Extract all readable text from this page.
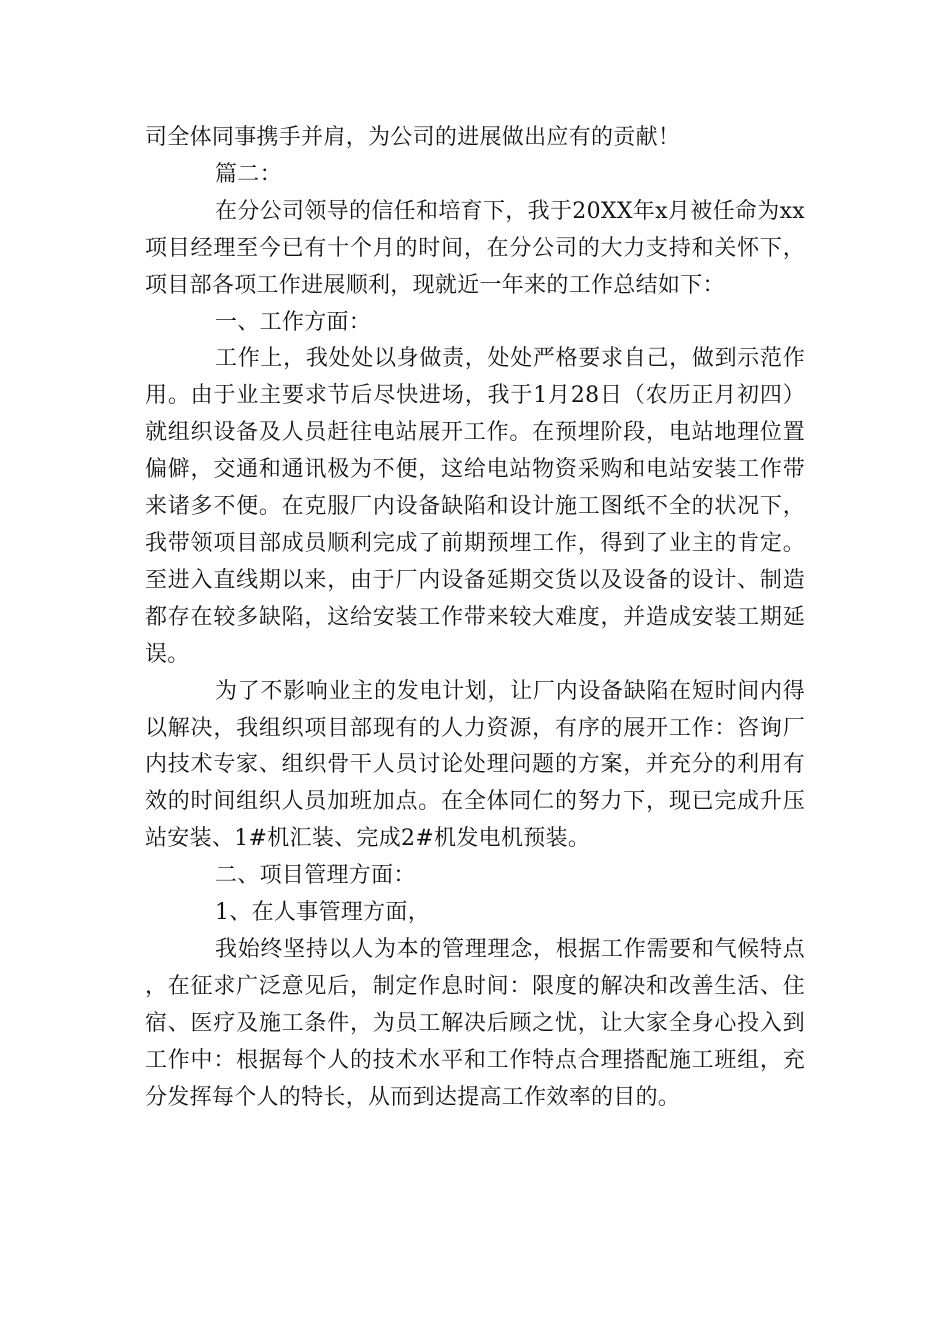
司全体同事携手并肩，为公司的进展做出应有的贡献！

篇二：

在分公司领导的信任和培育下，我于20XX年x月被任命为xx项目经理至今已有十个月的时间，在分公司的大力支持和关怀下，项目部各项工作进展顺利，现就近一年来的工作总结如下：

一、工作方面：

工作上，我处处以身做责，处处严格要求自己，做到示范作用。由于业主要求节后尽快进场，我于1月28日（农历正月初四）就组织设备及人员赶往电站展开工作。在预埋阶段，电站地理位置偏僻，交通和通讯极为不便，这给电站物资采购和电站安装工作带来诸多不便。在克服厂内设备缺陷和设计施工图纸不全的状况下，我带领项目部成员顺利完成了前期预埋工作，得到了业主的肯定。至进入直线期以来，由于厂内设备延期交货以及设备的设计、制造都存在较多缺陷，这给安装工作带来较大难度，并造成安装工期延误。

为了不影响业主的发电计划，让厂内设备缺陷在短时间内得以解决，我组织项目部现有的人力资源，有序的展开工作：咨询厂内技术专家、组织骨干人员讨论处理问题的方案，并充分的利用有效的时间组织人员加班加点。在全体同仁的努力下，现已完成升压站安装、1#机汇装、完成2#机发电机预装。

二、项目管理方面：

1、在人事管理方面，

我始终坚持以人为本的管理理念，根据工作需要和气候特点，在征求广泛意见后，制定作息时间：限度的解决和改善生活、住宿、医疗及施工条件，为员工解决后顾之忧，让大家全身心投入到工作中：根据每个人的技术水平和工作特点合理搭配施工班组，充分发挥每个人的特长，从而到达提高工作效率的目的。
